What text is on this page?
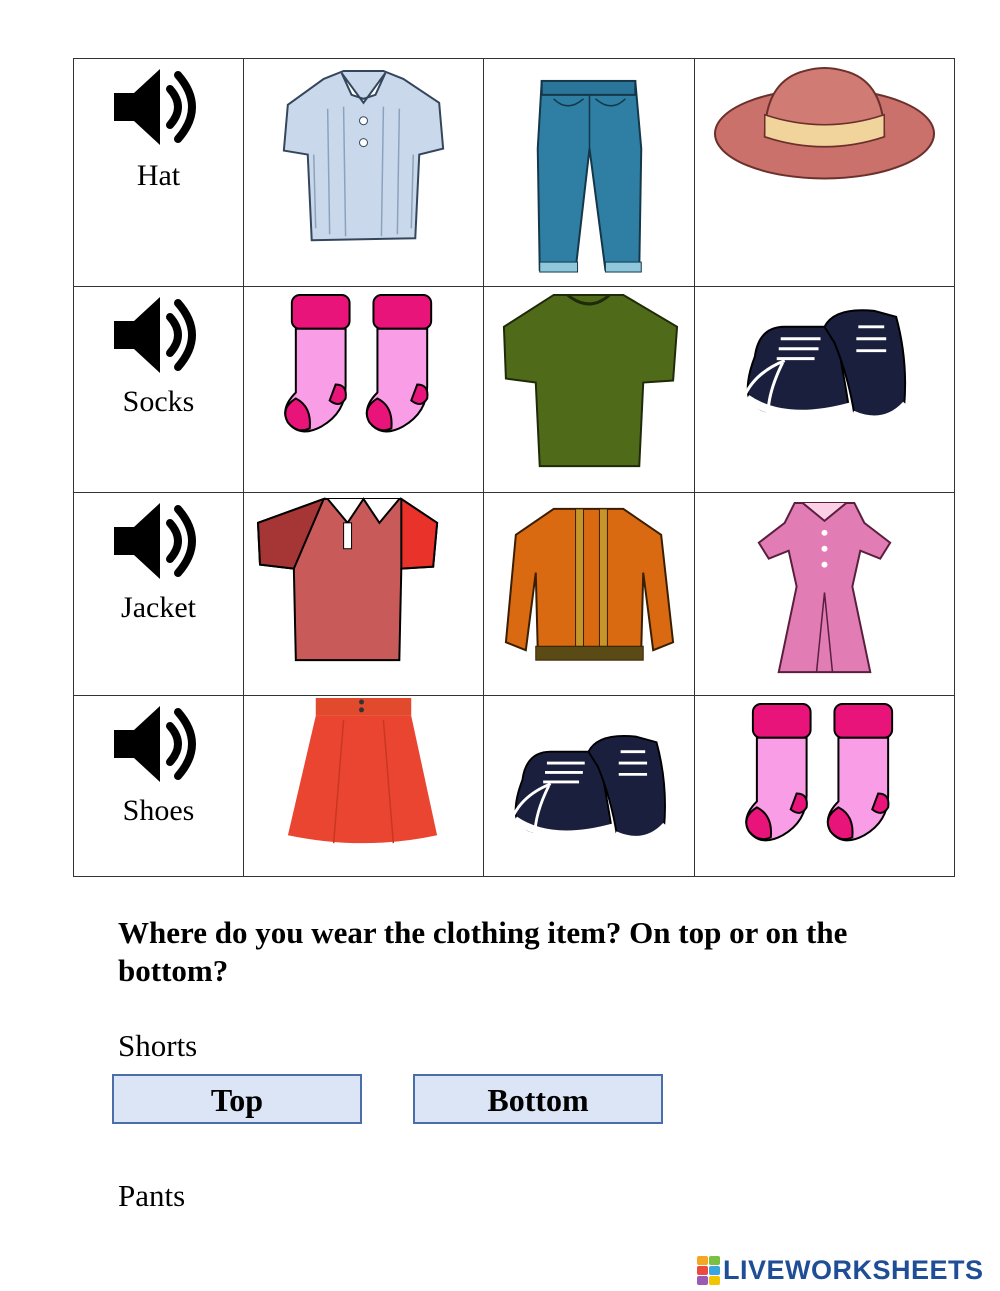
Hat

Socks

Jacket

Shoes

Where do you wear the clothing item? On top or on the bottom?
Shorts
Top	Bottom
Pants
LIVEWORKSHEETS
